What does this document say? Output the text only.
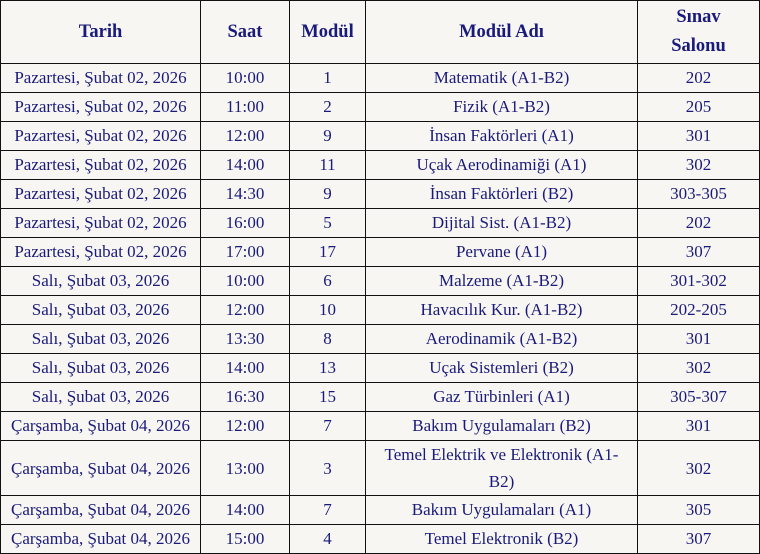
Tarih	Saat	Modül	Modül Adı	Sınav Salonu
Pazartesi, Şubat 02, 2026	10:00	1	Matematik (A1-B2)	202
Pazartesi, Şubat 02, 2026	11:00	2	Fizik (A1-B2)	205
Pazartesi, Şubat 02, 2026	12:00	9	İnsan Faktörleri (A1)	301
Pazartesi, Şubat 02, 2026	14:00	11	Uçak Aerodinamiği (A1)	302
Pazartesi, Şubat 02, 2026	14:30	9	İnsan Faktörleri (B2)	303-305
Pazartesi, Şubat 02, 2026	16:00	5	Dijital Sist. (A1-B2)	202
Pazartesi, Şubat 02, 2026	17:00	17	Pervane (A1)	307
Salı, Şubat 03, 2026	10:00	6	Malzeme (A1-B2)	301-302
Salı, Şubat 03, 2026	12:00	10	Havacılık Kur. (A1-B2)	202-205
Salı, Şubat 03, 2026	13:30	8	Aerodinamik (A1-B2)	301
Salı, Şubat 03, 2026	14:00	13	Uçak Sistemleri (B2)	302
Salı, Şubat 03, 2026	16:30	15	Gaz Türbinleri (A1)	305-307
Çarşamba, Şubat 04, 2026	12:00	7	Bakım Uygulamaları (B2)	301
Çarşamba, Şubat 04, 2026	13:00	3	Temel Elektrik ve Elektronik (A1-B2)	302
Çarşamba, Şubat 04, 2026	14:00	7	Bakım Uygulamaları (A1)	305
Çarşamba, Şubat 04, 2026	15:00	4	Temel Elektronik (B2)	307
